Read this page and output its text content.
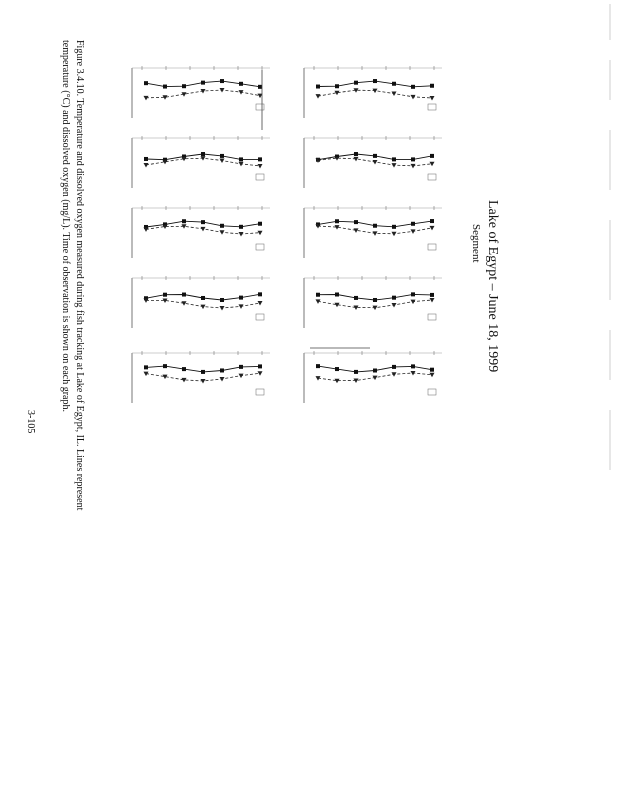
Lake of Egypt – June 18, 1999
Segment
Figure 3.4.10. Temperature and dissolved oxygen measured during fish tracking at Lake of Egypt, IL. Lines represent
temperature (°C) and dissolved oxygen (mg/L). Time of observation is shown on each graph.
3-105
